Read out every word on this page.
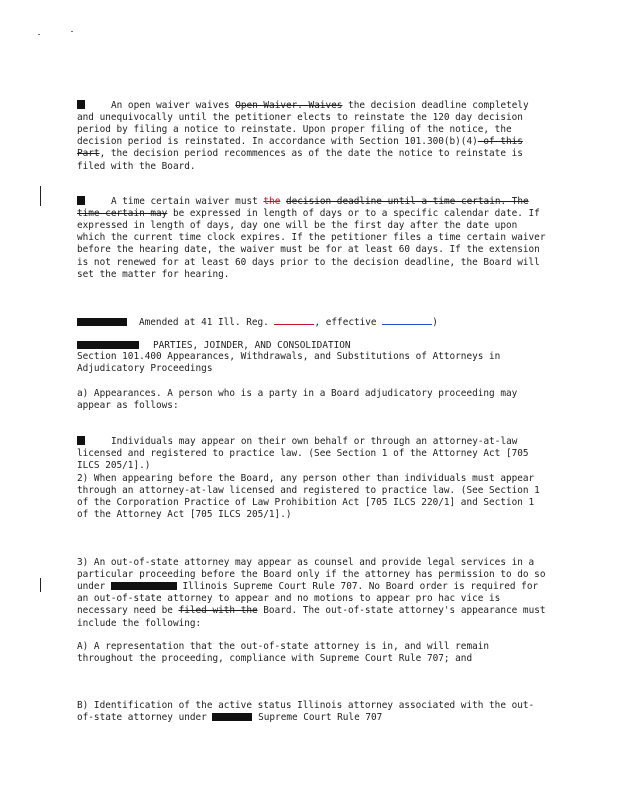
An open waiver waives Open Waiver. Waives the decision deadline completely and unequivocally until the petitioner elects to reinstate the 120 day decision period by filing a notice to reinstate. Upon proper filing of the notice, the decision period is reinstated. In accordance with Section 101.300(b)(4) of this Part, the decision period recommences as of the date the notice to reinstate is filed with the Board.

A time certain waiver must the decision deadline until a time certain. The time certain may be expressed in length of days or to a specific calendar date. If expressed in length of days, day one will be the first day after the date upon which the current time clock expires. If the petitioner files a time certain waiver before the hearing date, the waiver must be for at least 60 days. If the extension is not renewed for at least 60 days prior to the decision deadline, the Board will set the matter for hearing.

Amended at 41 Ill. Reg.	, effective	)

PARTIES, JOINDER, AND CONSOLIDATION

Section 101.400 Appearances, Withdrawals, and Substitutions of Attorneys in Adjudicatory Proceedings
a) Appearances. A person who is a party in a Board adjudicatory proceeding may appear as follows:

Individuals may appear on their own behalf or through an attorney-at-law licensed and registered to practice law. (See Section 1 of the Attorney Act [705 ILCS 205/1].)

2) When appearing before the Board, any person other than individuals must appear through an attorney-at-law licensed and registered to practice law. (See Section 1 of the Corporation Practice of Law Prohibition Act [705 ILCS 220/1] and Section 1 of the Attorney Act [705 ILCS 205/1].)

3) An out-of-state attorney may appear as counsel and provide legal services in a particular proceeding before the Board only if the attorney has permission to do so under	Illinois Supreme Court Rule 707. No Board order is required for an out-of-state attorney to appear and no motions to appear pro hac vice is necessary need be filed with the Board. The out-of-state attorney's appearance must include the following:

A) A representation that the out-of-state attorney is in, and will remain throughout the proceeding, compliance with Supreme Court Rule 707; and

B) Identification of the active status Illinois attorney associated with the out-of-state attorney under	Supreme Court Rule 707
